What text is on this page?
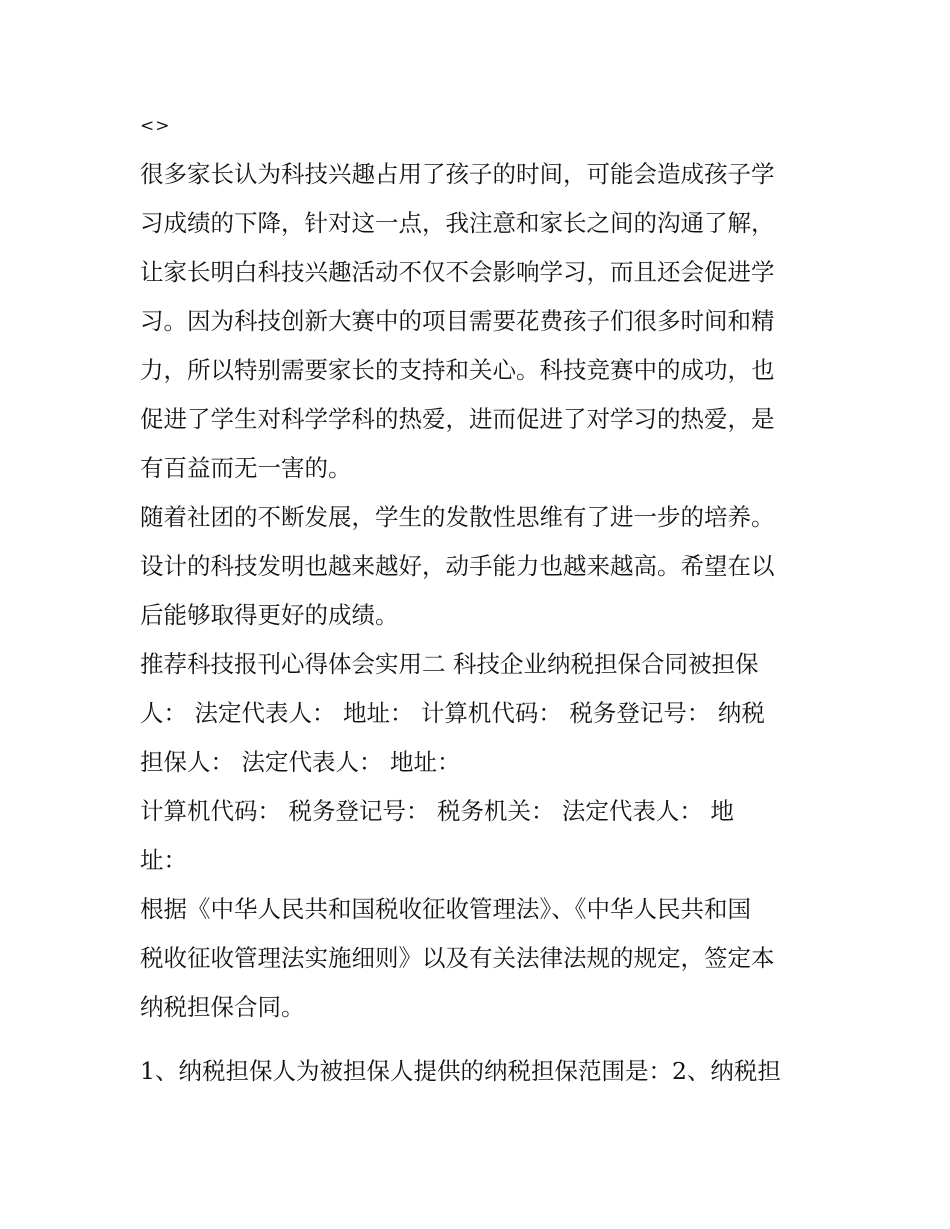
<>
很多家长认为科技兴趣占用了孩子的时间，可能会造成孩子学
习成绩的下降，针对这一点，我注意和家长之间的沟通了解，
让家长明白科技兴趣活动不仅不会影响学习，而且还会促进学
习。因为科技创新大赛中的项目需要花费孩子们很多时间和精
力，所以特别需要家长的支持和关心。科技竞赛中的成功，也
促进了学生对科学学科的热爱，进而促进了对学习的热爱，是
有百益而无一害的。
随着社团的不断发展，学生的发散性思维有了进一步的培养。
设计的科技发明也越来越好，动手能力也越来越高。希望在以
后能够取得更好的成绩。
推荐科技报刊心得体会实用二 科技企业纳税担保合同被担保
人： 法定代表人： 地址： 计算机代码： 税务登记号： 纳税
担保人： 法定代表人： 地址：
计算机代码： 税务登记号： 税务机关： 法定代表人： 地
址：
根据《中华人民共和国税收征收管理法》、《中华人民共和国
税收征收管理法实施细则》以及有关法律法规的规定，签定本
纳税担保合同。
1、纳税担保人为被担保人提供的纳税担保范围是：2、纳税担
